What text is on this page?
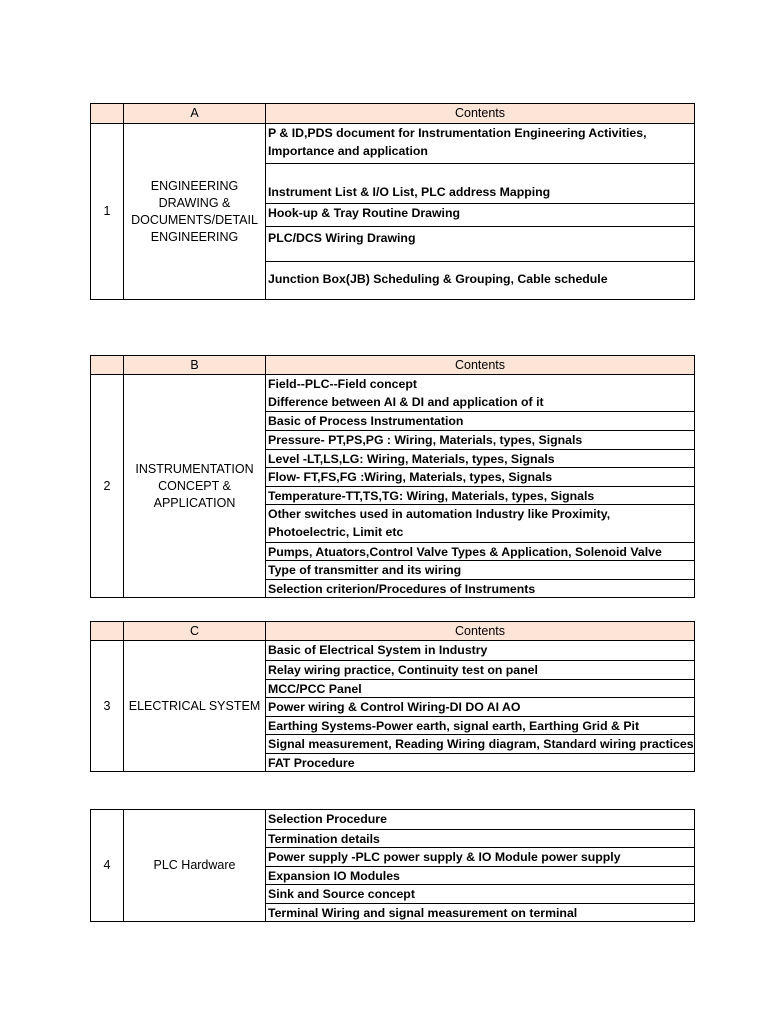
A	Contents
1
ENGINEERING DRAWING & DOCUMENTS/DETAIL ENGINEERING
P & ID,PDS document for Instrumentation Engineering Activities, Importance and application
Instrument List & I/O List, PLC address Mapping
Hook-up & Tray Routine Drawing
PLC/DCS Wiring Drawing
Junction Box(JB) Scheduling & Grouping, Cable schedule
B	Contents
2
INSTRUMENTATION CONCEPT & APPLICATION
Field--PLC--Field concept
Difference between AI & DI and application of it
Basic of Process Instrumentation
Pressure- PT,PS,PG : Wiring, Materials, types, Signals
Level -LT,LS,LG: Wiring, Materials, types, Signals
Flow- FT,FS,FG :Wiring, Materials, types, Signals
Temperature-TT,TS,TG: Wiring, Materials, types, Signals
Other switches used in automation Industry like Proximity, Photoelectric, Limit etc
Pumps, Atuators,Control Valve Types & Application, Solenoid Valve
Type of transmitter and its wiring
Selection criterion/Procedures of Instruments
C	Contents
3	ELECTRICAL SYSTEM
Basic of Electrical System in Industry
Relay wiring practice, Continuity test on panel
MCC/PCC Panel
Power wiring & Control Wiring-DI DO AI AO
Earthing Systems-Power earth, signal earth, Earthing Grid & Pit
Signal measurement, Reading Wiring diagram, Standard wiring practices
FAT Procedure
4	PLC Hardware
Selection Procedure
Termination details
Power supply -PLC power supply & IO Module power supply
Expansion IO Modules
Sink and Source concept
Terminal Wiring and signal measurement on terminal
